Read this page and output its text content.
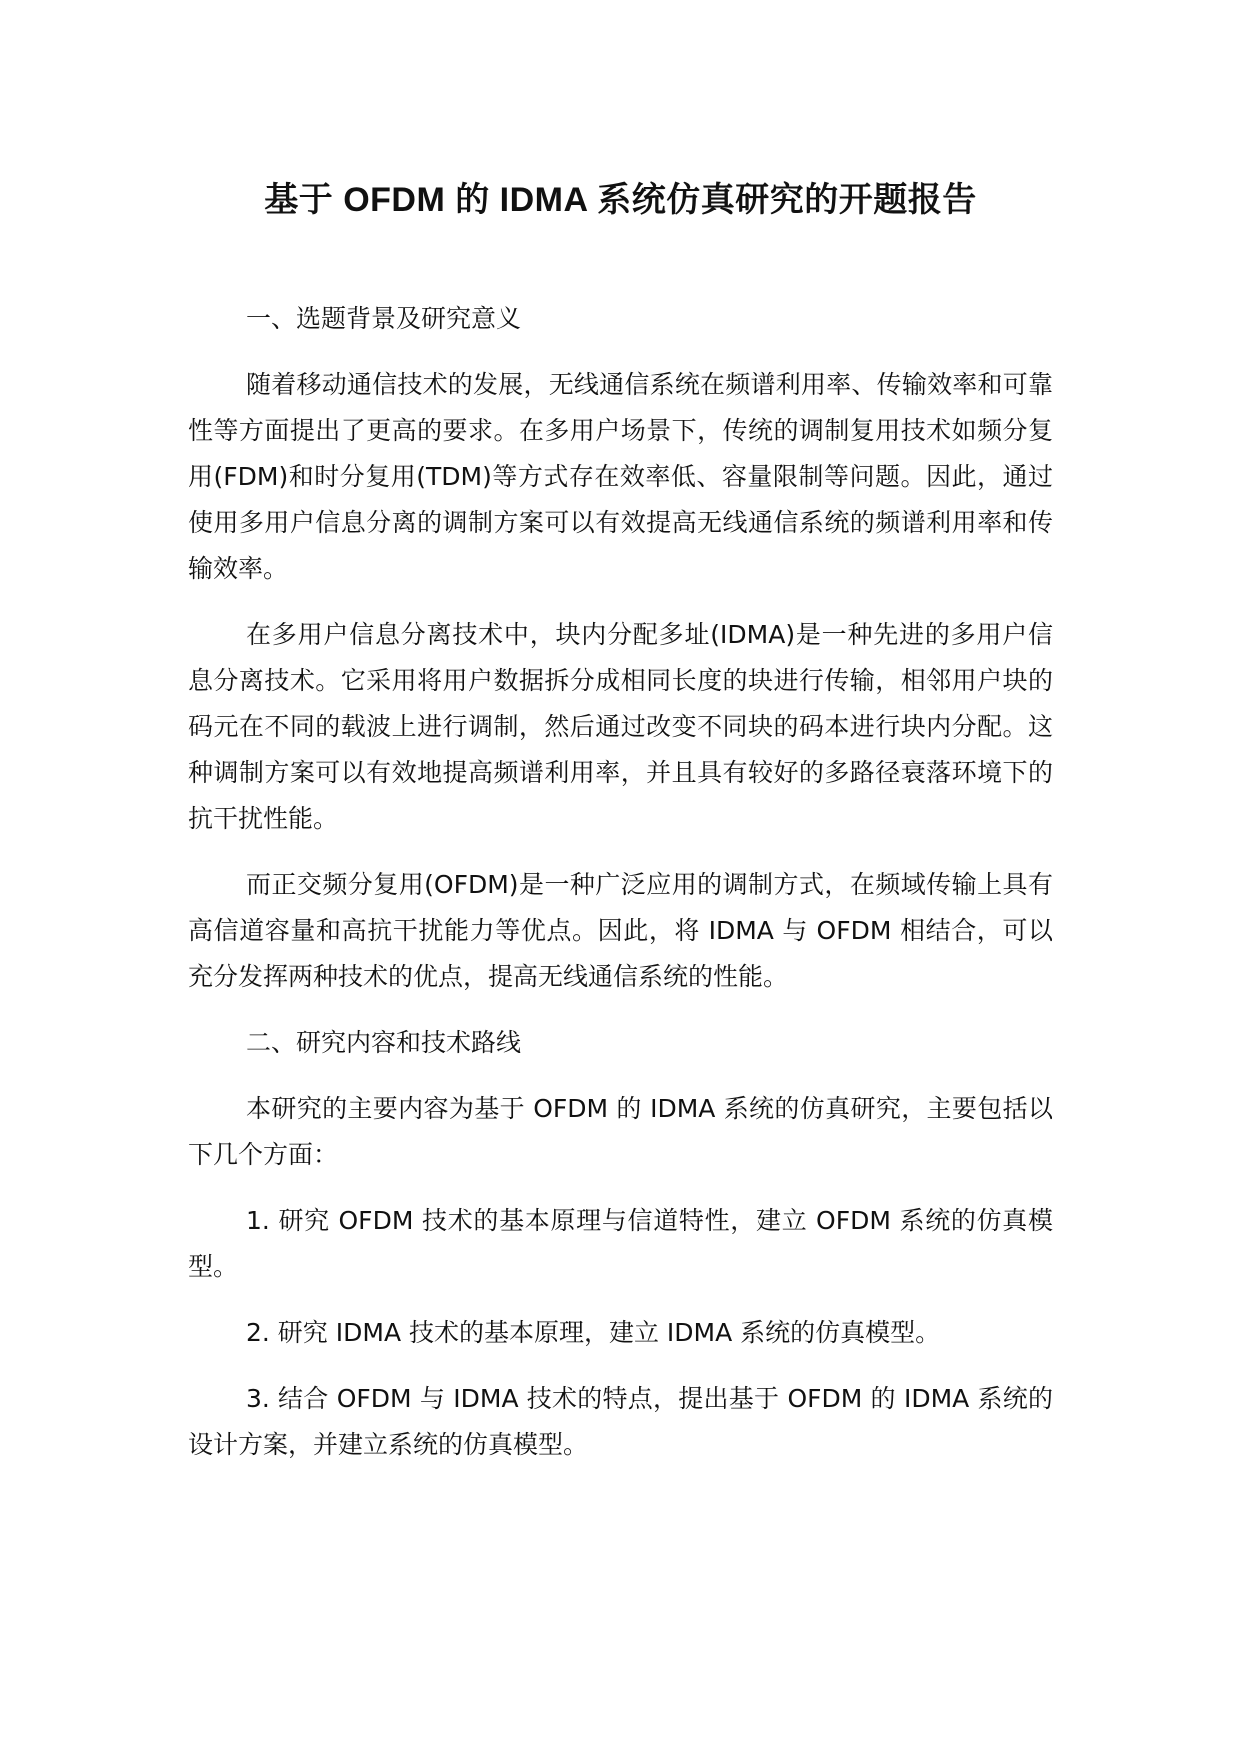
基于 OFDM 的 IDMA 系统仿真研究的开题报告

一、选题背景及研究意义

随着移动通信技术的发展，无线通信系统在频谱利用率、传输效率和可靠性等方面提出了更高的要求。在多用户场景下，传统的调制复用技术如频分复用(FDM)和时分复用(TDM)等方式存在效率低、容量限制等问题。因此，通过使用多用户信息分离的调制方案可以有效提高无线通信系统的频谱利用率和传输效率。

在多用户信息分离技术中，块内分配多址(IDMA)是一种先进的多用户信息分离技术。它采用将用户数据拆分成相同长度的块进行传输，相邻用户块的码元在不同的载波上进行调制，然后通过改变不同块的码本进行块内分配。这种调制方案可以有效地提高频谱利用率，并且具有较好的多路径衰落环境下的抗干扰性能。

而正交频分复用(OFDM)是一种广泛应用的调制方式，在频域传输上具有高信道容量和高抗干扰能力等优点。因此，将 IDMA 与 OFDM 相结合，可以充分发挥两种技术的优点，提高无线通信系统的性能。

二、研究内容和技术路线

本研究的主要内容为基于 OFDM 的 IDMA 系统的仿真研究，主要包括以下几个方面：

1. 研究 OFDM 技术的基本原理与信道特性，建立 OFDM 系统的仿真模型。

2. 研究 IDMA 技术的基本原理，建立 IDMA 系统的仿真模型。

3. 结合 OFDM 与 IDMA 技术的特点，提出基于 OFDM 的 IDMA 系统的设计方案，并建立系统的仿真模型。
